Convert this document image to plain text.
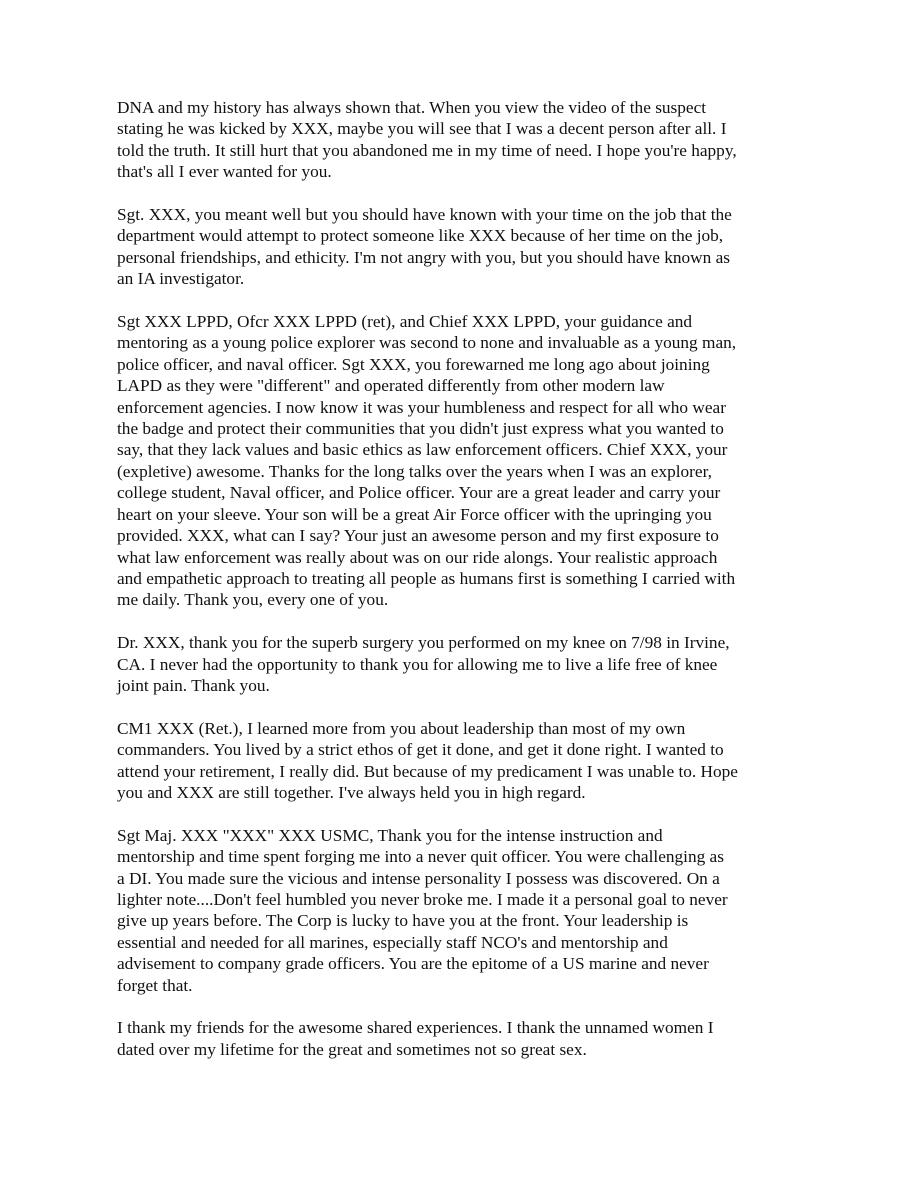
DNA and my history has always shown that. When you view the video of the suspect
stating he was kicked by XXX, maybe you will see that I was a decent person after all. I
told the truth. It still hurt that you abandoned me in my time of need. I hope you're happy,
that's all I ever wanted for you.

Sgt. XXX, you meant well but you should have known with your time on the job that the
department would attempt to protect someone like XXX because of her time on the job,
personal friendships, and ethicity. I'm not angry with you, but you should have known as
an IA investigator.

Sgt XXX LPPD, Ofcr XXX LPPD (ret), and Chief XXX LPPD, your guidance and
mentoring as a young police explorer was second to none and invaluable as a young man,
police officer, and naval officer. Sgt XXX, you forewarned me long ago about joining
LAPD as they were "different" and operated differently from other modern law
enforcement agencies. I now know it was your humbleness and respect for all who wear
the badge and protect their communities that you didn't just express what you wanted to
say, that they lack values and basic ethics as law enforcement officers. Chief XXX, your
(expletive) awesome. Thanks for the long talks over the years when I was an explorer,
college student, Naval officer, and Police officer. Your are a great leader and carry your
heart on your sleeve. Your son will be a great Air Force officer with the upringing you
provided. XXX, what can I say? Your just an awesome person and my first exposure to
what law enforcement was really about was on our ride alongs. Your realistic approach
and empathetic approach to treating all people as humans first is something I carried with
me daily. Thank you, every one of you.

Dr. XXX, thank you for the superb surgery you performed on my knee on 7/98 in Irvine,
CA. I never had the opportunity to thank you for allowing me to live a life free of knee
joint pain. Thank you.

CM1 XXX (Ret.), I learned more from you about leadership than most of my own
commanders. You lived by a strict ethos of get it done, and get it done right. I wanted to
attend your retirement, I really did. But because of my predicament I was unable to. Hope
you and XXX are still together. I've always held you in high regard.

Sgt Maj. XXX "XXX" XXX USMC, Thank you for the intense instruction and
mentorship and time spent forging me into a never quit officer. You were challenging as
a DI. You made sure the vicious and intense personality I possess was discovered. On a
lighter note....Don't feel humbled you never broke me. I made it a personal goal to never
give up years before. The Corp is lucky to have you at the front. Your leadership is
essential and needed for all marines, especially staff NCO's and mentorship and
advisement to company grade officers. You are the epitome of a US marine and never
forget that.

I thank my friends for the awesome shared experiences. I thank the unnamed women I
dated over my lifetime for the great and sometimes not so great sex.
